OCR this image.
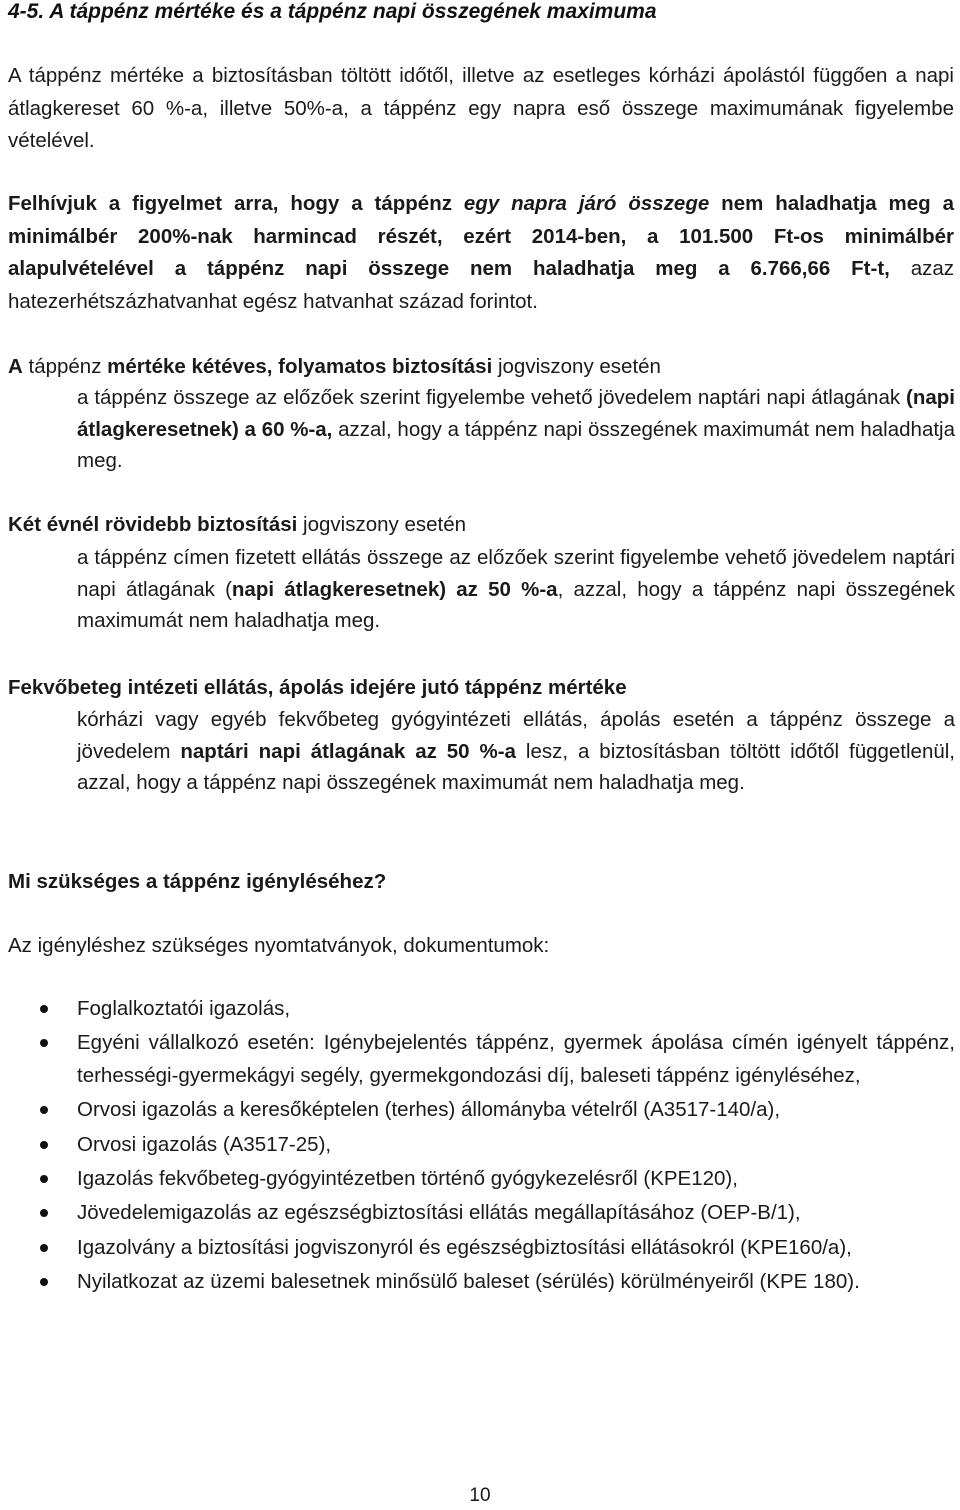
4-5. A táppénz mértéke és a táppénz napi összegének maximuma

A táppénz mértéke a biztosításban töltött időtől, illetve az esetleges kórházi ápolástól függően a napi átlagkereset 60 %-a, illetve 50%-a, a táppénz egy napra eső összege maximumának figyelembe vételével.

Felhívjuk a figyelmet arra, hogy a táppénz egy napra járó összege nem haladhatja meg a minimálbér 200%-nak harmincad részét, ezért 2014-ben, a 101.500 Ft-os minimálbér alapulvételével a táppénz napi összege nem haladhatja meg a 6.766,66 Ft-t, azaz hatezerhétszázhatvanhat egész hatvanhat század forintot.

A táppénz mértéke kétéves, folyamatos biztosítási jogviszony esetén

a táppénz összege az előzőek szerint figyelembe vehető jövedelem naptári napi átlagának (napi átlagkeresetnek) a 60 %-a, azzal, hogy a táppénz napi összegének maximumát nem haladhatja meg.

Két évnél rövidebb biztosítási jogviszony esetén

a táppénz címen fizetett ellátás összege az előzőek szerint figyelembe vehető jövedelem naptári napi átlagának (napi átlagkeresetnek) az 50 %-a, azzal, hogy a táppénz napi összegének maximumát nem haladhatja meg.

Fekvőbeteg intézeti ellátás, ápolás idejére jutó táppénz mértéke

kórházi vagy egyéb fekvőbeteg gyógyintézeti ellátás, ápolás esetén a táppénz összege a jövedelem naptári napi átlagának az 50 %-a lesz, a biztosításban töltött időtől függetlenül, azzal, hogy a táppénz napi összegének maximumát nem haladhatja meg.

Mi szükséges a táppénz igényléséhez?

Az igényléshez szükséges nyomtatványok, dokumentumok:

Foglalkoztatói igazolás,
Egyéni vállalkozó esetén: Igénybejelentés táppénz, gyermek ápolása címén igényelt táppénz, terhességi-gyermekágyi segély, gyermekgondozási díj, baleseti táppénz igényléséhez,
Orvosi igazolás a keresőképtelen (terhes) állományba vételről (A3517-140/a),
Orvosi igazolás (A3517-25),
Igazolás fekvőbeteg-gyógyintézetben történő gyógykezelésről (KPE120),
Jövedelemigazolás az egészségbiztosítási ellátás megállapításához (OEP-B/1),
Igazolvány a biztosítási jogviszonyról és egészségbiztosítási ellátásokról (KPE160/a),
Nyilatkozat az üzemi balesetnek minősülő baleset (sérülés) körülményeiről (KPE 180).
10
